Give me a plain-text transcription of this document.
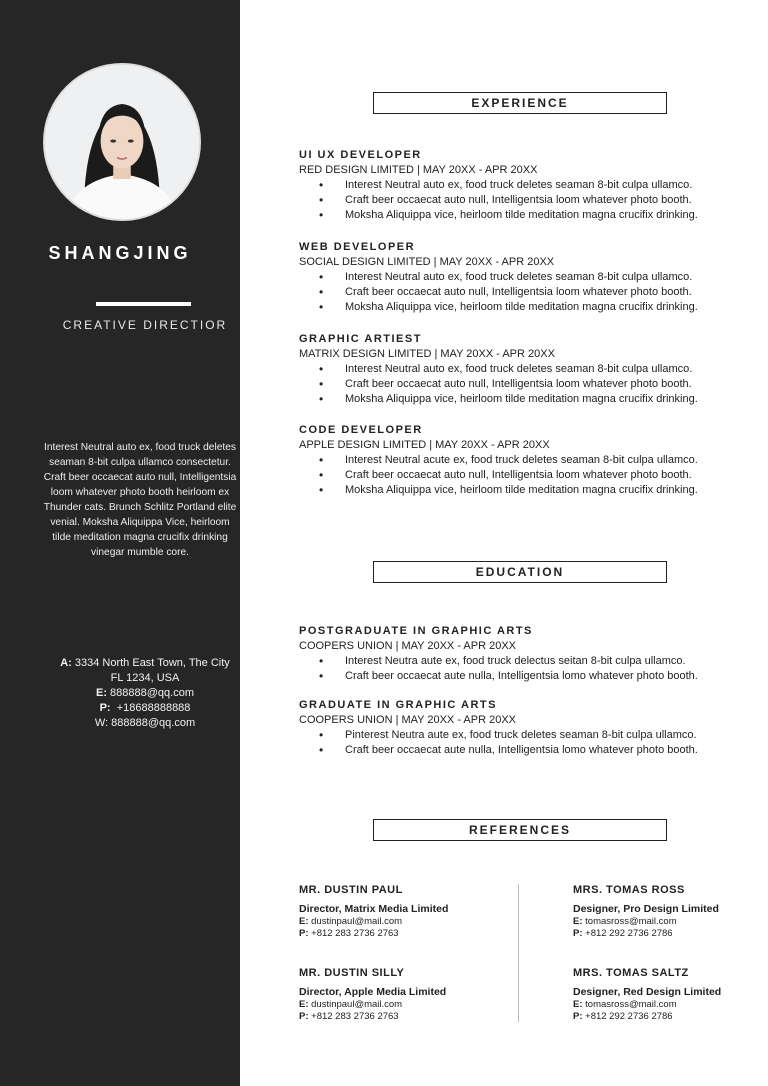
SHANGJING
CREATIVE DIRECTIOR
Interest Neutral auto ex, food truck deletes seaman 8-bit culpa ullamco consectetur. Craft beer occaecat auto null, Intelligentsia loom whatever photo booth heirloom ex Thunder cats. Brunch Schlitz Portland elite venial. Moksha Aliquippa Vice, heirloom tilde meditation magna crucifix drinking vinegar mumble core.
A: 3334 North East Town, The City
FL 1234, USA
E: 888888@qq.com
P: +18688888888
W: 888888@qq.com
EXPERIENCE
UI UX DEVELOPER
RED DESIGN LIMITED | MAY 20XX - APR 20XX
• Interest Neutral auto ex, food truck deletes seaman 8-bit culpa ullamco.
• Craft beer occaecat auto null, Intelligentsia loom whatever photo booth.
• Moksha Aliquippa vice, heirloom tilde meditation magna crucifix drinking.
WEB DEVELOPER
SOCIAL DESIGN LIMITED | MAY 20XX - APR 20XX
• Interest Neutral auto ex, food truck deletes seaman 8-bit culpa ullamco.
• Craft beer occaecat auto null, Intelligentsia loom whatever photo booth.
• Moksha Aliquippa vice, heirloom tilde meditation magna crucifix drinking.
GRAPHIC ARTIEST
MATRIX DESIGN LIMITED | MAY 20XX - APR 20XX
• Interest Neutral auto ex, food truck deletes seaman 8-bit culpa ullamco.
• Craft beer occaecat auto null, Intelligentsia loom whatever photo booth.
• Moksha Aliquippa vice, heirloom tilde meditation magna crucifix drinking.
CODE DEVELOPER
APPLE DESIGN LIMITED | MAY 20XX - APR 20XX
• Interest Neutral acute ex, food truck deletes seaman 8-bit culpa ullamco.
• Craft beer occaecat auto null, Intelligentsia loom whatever photo booth.
• Moksha Aliquippa vice, heirloom tilde meditation magna crucifix drinking.
EDUCATION
POSTGRADUATE IN GRAPHIC ARTS
COOPERS UNION | MAY 20XX - APR 20XX
• Interest Neutra aute ex, food truck delectus seitan 8-bit culpa ullamco.
• Craft beer occaecat aute nulla, Intelligentsia lomo whatever photo booth.
GRADUATE IN GRAPHIC ARTS
COOPERS UNION | MAY 20XX - APR 20XX
• Pinterest Neutra aute ex, food truck deletes seaman 8-bit culpa ullamco.
• Craft beer occaecat aute nulla, Intelligentsia lomo whatever photo booth.
REFERENCES
MR. DUSTIN PAUL
Director, Matrix Media Limited
E: dustinpaul@mail.com
P: +812 283 2736 2763
MRS. TOMAS ROSS
Designer, Pro Design Limited
E: tomasross@mail.com
P: +812 292 2736 2786
MR. DUSTIN SILLY
Director, Apple Media Limited
E: dustinpaul@mail.com
P: +812 283 2736 2763
MRS. TOMAS SALTZ
Designer, Red Design Limited
E: tomasross@mail.com
P: +812 292 2736 2786
